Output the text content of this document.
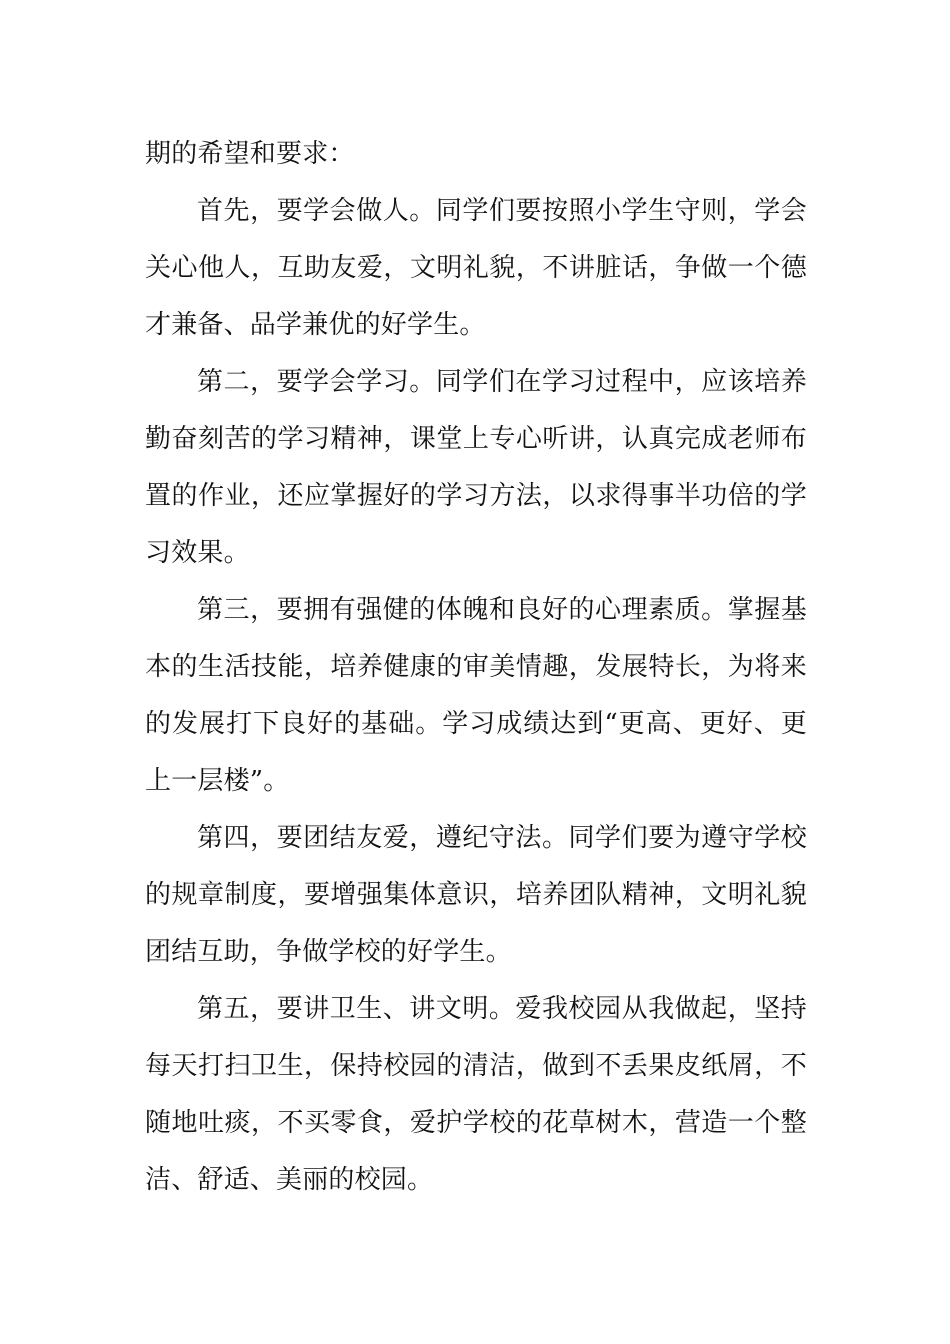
期的希望和要求：

首先，要学会做人。同学们要按照小学生守则，学会关心他人，互助友爱，文明礼貌，不讲脏话，争做一个德才兼备、品学兼优的好学生。

第二，要学会学习。同学们在学习过程中，应该培养勤奋刻苦的学习精神，课堂上专心听讲，认真完成老师布置的作业，还应掌握好的学习方法，以求得事半功倍的学习效果。

第三，要拥有强健的体魄和良好的心理素质。掌握基本的生活技能，培养健康的审美情趣，发展特长，为将来的发展打下良好的基础。学习成绩达到“更高、更好、更上一层楼”。

第四，要团结友爱，遵纪守法。同学们要为遵守学校的规章制度，要增强集体意识，培养团队精神，文明礼貌团结互助，争做学校的好学生。

第五，要讲卫生、讲文明。爱我校园从我做起，坚持每天打扫卫生，保持校园的清洁，做到不丢果皮纸屑，不随地吐痰，不买零食，爱护学校的花草树木，营造一个整洁、舒适、美丽的校园。
